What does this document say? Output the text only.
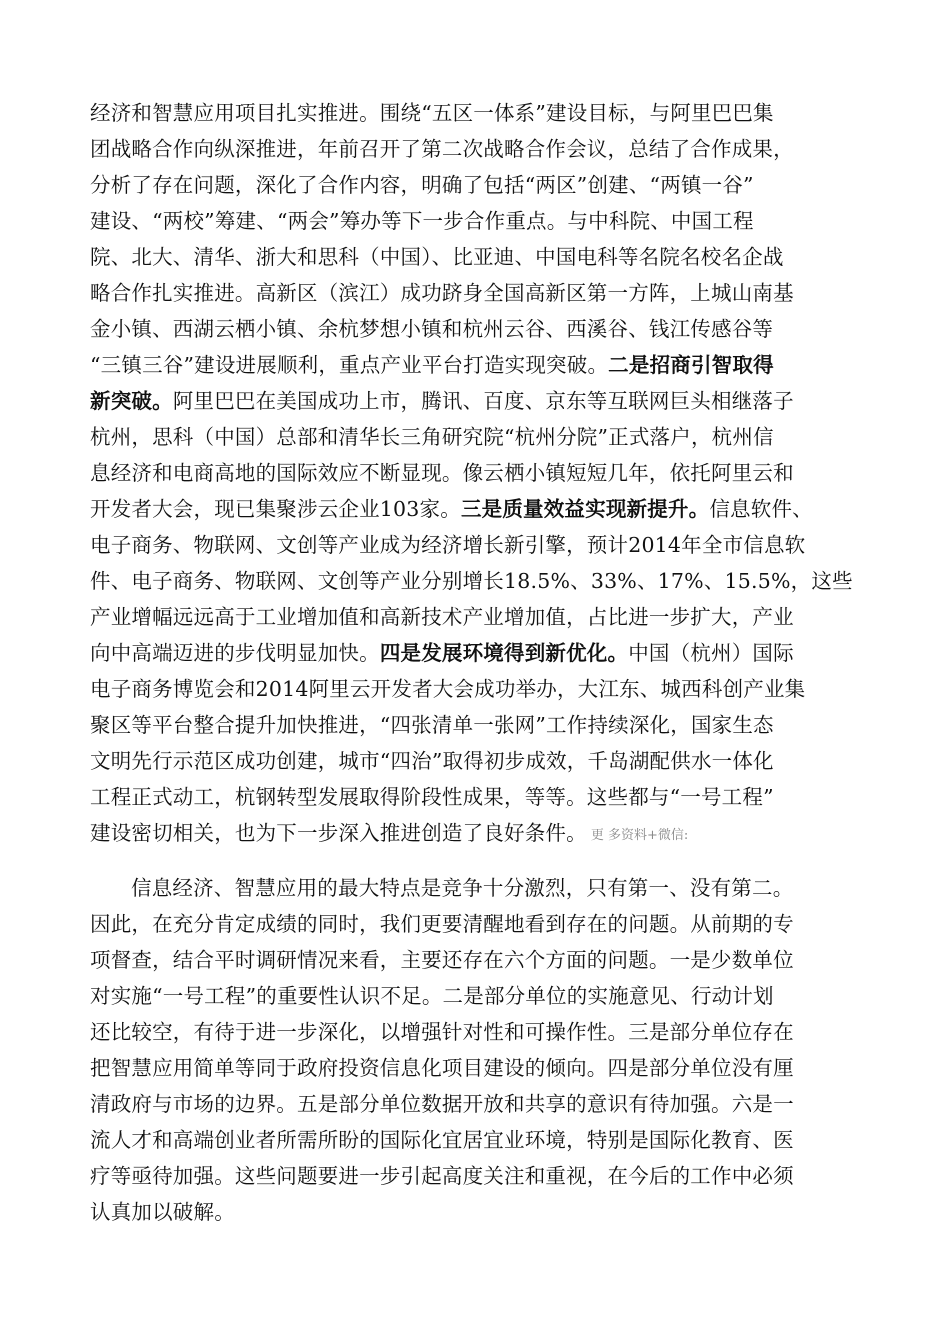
经济和智慧应用项目扎实推进。围绕“五区一体系”建设目标，与阿里巴巴集
团战略合作向纵深推进，年前召开了第二次战略合作会议，总结了合作成果，
分析了存在问题，深化了合作内容，明确了包括“两区”创建、“两镇一谷”
建设、“两校”筹建、“两会”筹办等下一步合作重点。与中科院、中国工程
院、北大、清华、浙大和思科（中国）、比亚迪、中国电科等名院名校名企战
略合作扎实推进。高新区（滨江）成功跻身全国高新区第一方阵，上城山南基
金小镇、西湖云栖小镇、余杭梦想小镇和杭州云谷、西溪谷、钱江传感谷等
“三镇三谷”建设进展顺利，重点产业平台打造实现突破。二是招商引智取得
新突破。阿里巴巴在美国成功上市，腾讯、百度、京东等互联网巨头相继落子
杭州，思科（中国）总部和清华长三角研究院“杭州分院”正式落户，杭州信
息经济和电商高地的国际效应不断显现。像云栖小镇短短几年，依托阿里云和
开发者大会，现已集聚涉云企业103家。三是质量效益实现新提升。信息软件、
电子商务、物联网、文创等产业成为经济增长新引擎，预计2014年全市信息软
件、电子商务、物联网、文创等产业分别增长18.5%、33%、17%、15.5%，这些
产业增幅远远高于工业增加值和高新技术产业增加值，占比进一步扩大，产业
向中高端迈进的步伐明显加快。四是发展环境得到新优化。中国（杭州）国际
电子商务博览会和2014阿里云开发者大会成功举办，大江东、城西科创产业集
聚区等平台整合提升加快推进，“四张清单一张网”工作持续深化，国家生态
文明先行示范区成功创建，城市“四治”取得初步成效，千岛湖配供水一体化
工程正式动工，杭钢转型发展取得阶段性成果，等等。这些都与“一号工程”
建设密切相关，也为下一步深入推进创造了良好条件。 更 多资料+微信:
信息经济、智慧应用的最大特点是竞争十分激烈，只有第一、没有第二。
因此，在充分肯定成绩的同时，我们更要清醒地看到存在的问题。从前期的专
项督查，结合平时调研情况来看，主要还存在六个方面的问题。一是少数单位
对实施“一号工程”的重要性认识不足。二是部分单位的实施意见、行动计划
还比较空，有待于进一步深化，以增强针对性和可操作性。三是部分单位存在
把智慧应用简单等同于政府投资信息化项目建设的倾向。四是部分单位没有厘
清政府与市场的边界。五是部分单位数据开放和共享的意识有待加强。六是一
流人才和高端创业者所需所盼的国际化宜居宜业环境，特别是国际化教育、医
疗等亟待加强。这些问题要进一步引起高度关注和重视，在今后的工作中必须
认真加以破解。
